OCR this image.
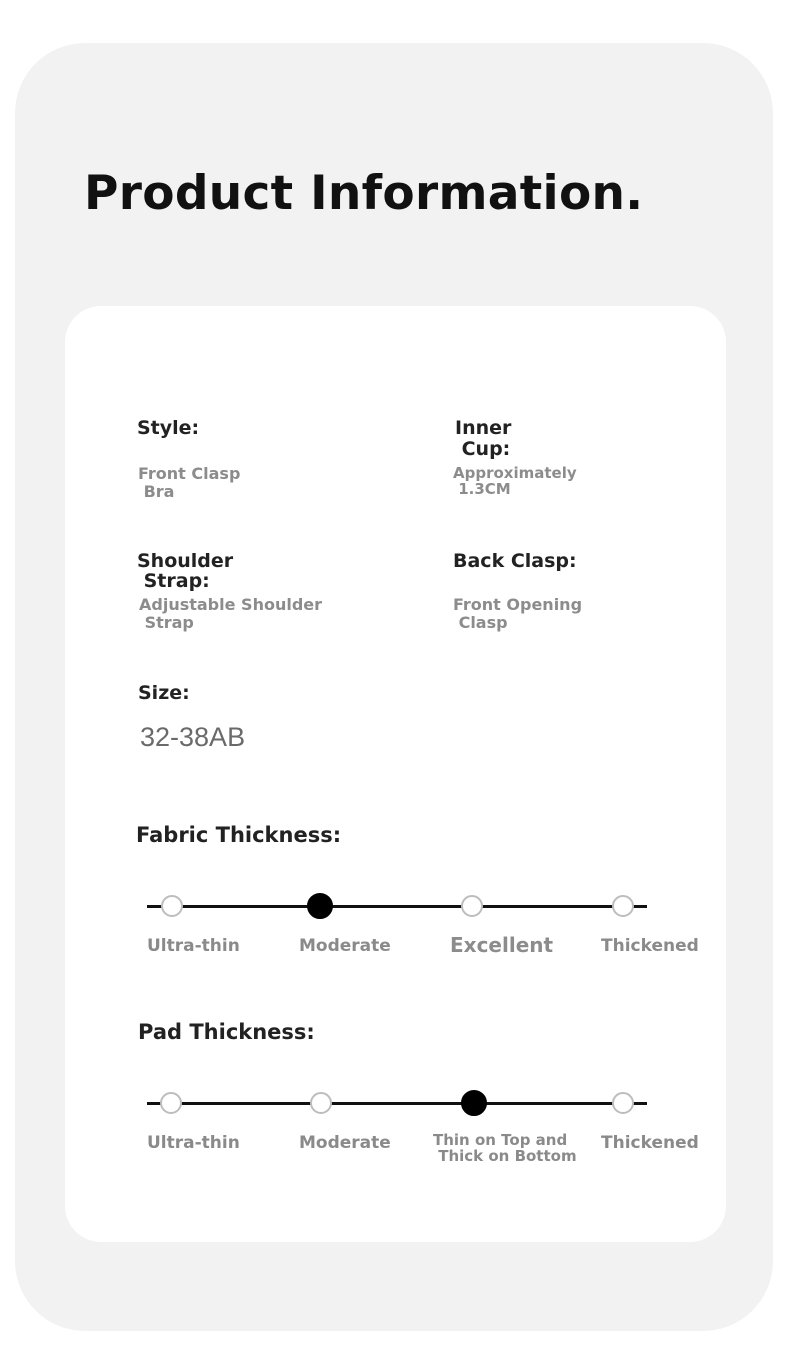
Product Information.
Style:
Front Clasp
Bra
Inner
Cup:
Approximately
1.3CM
Shoulder
Strap:
Adjustable Shoulder
Strap
Back Clasp:
Front Opening
Clasp
Size:
32-38AB
Fabric Thickness:
Ultra-thin	Moderate	Excellent	Thickened
Pad Thickness:
Ultra-thin	Moderate	Thin on Top and
Thick on Bottom
Thickened
